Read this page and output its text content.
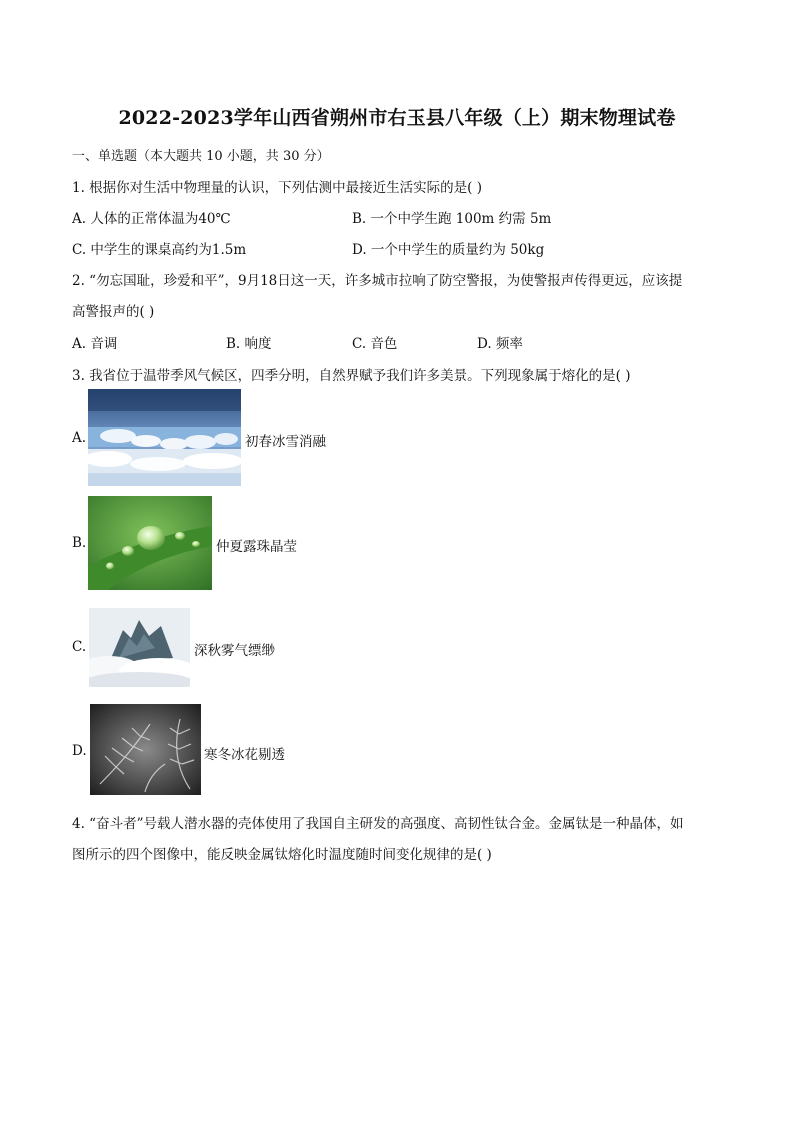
2022-2023学年山西省朔州市右玉县八年级（上）期末物理试卷
一、单选题（本大题共 10 小题，共 30 分）
1. 根据你对生活中物理量的认识，下列估测中最接近生活实际的是( )
A. 人体的正常体温为40℃	B. 一个中学生跑 100m 约需 5m
C. 中学生的课桌高约为1.5m	D. 一个中学生的质量约为 50kg
2. “勿忘国耻，珍爱和平”，9月18日这一天，许多城市拉响了防空警报，为使警报声传得更远，应该提
高警报声的( )
A. 音调	B. 响度	C. 音色	D. 频率
3. 我省位于温带季风气候区，四季分明，自然界赋予我们许多美景。下列现象属于熔化的是( )
A.	初春冰雪消融
B.	仲夏露珠晶莹
C.	深秋雾气缥缈
D.	寒冬冰花剔透
4. “奋斗者”号载人潜水器的壳体使用了我国自主研发的高强度、高韧性钛合金。金属钛是一种晶体，如
图所示的四个图像中，能反映金属钛熔化时温度随时间变化规律的是( )
